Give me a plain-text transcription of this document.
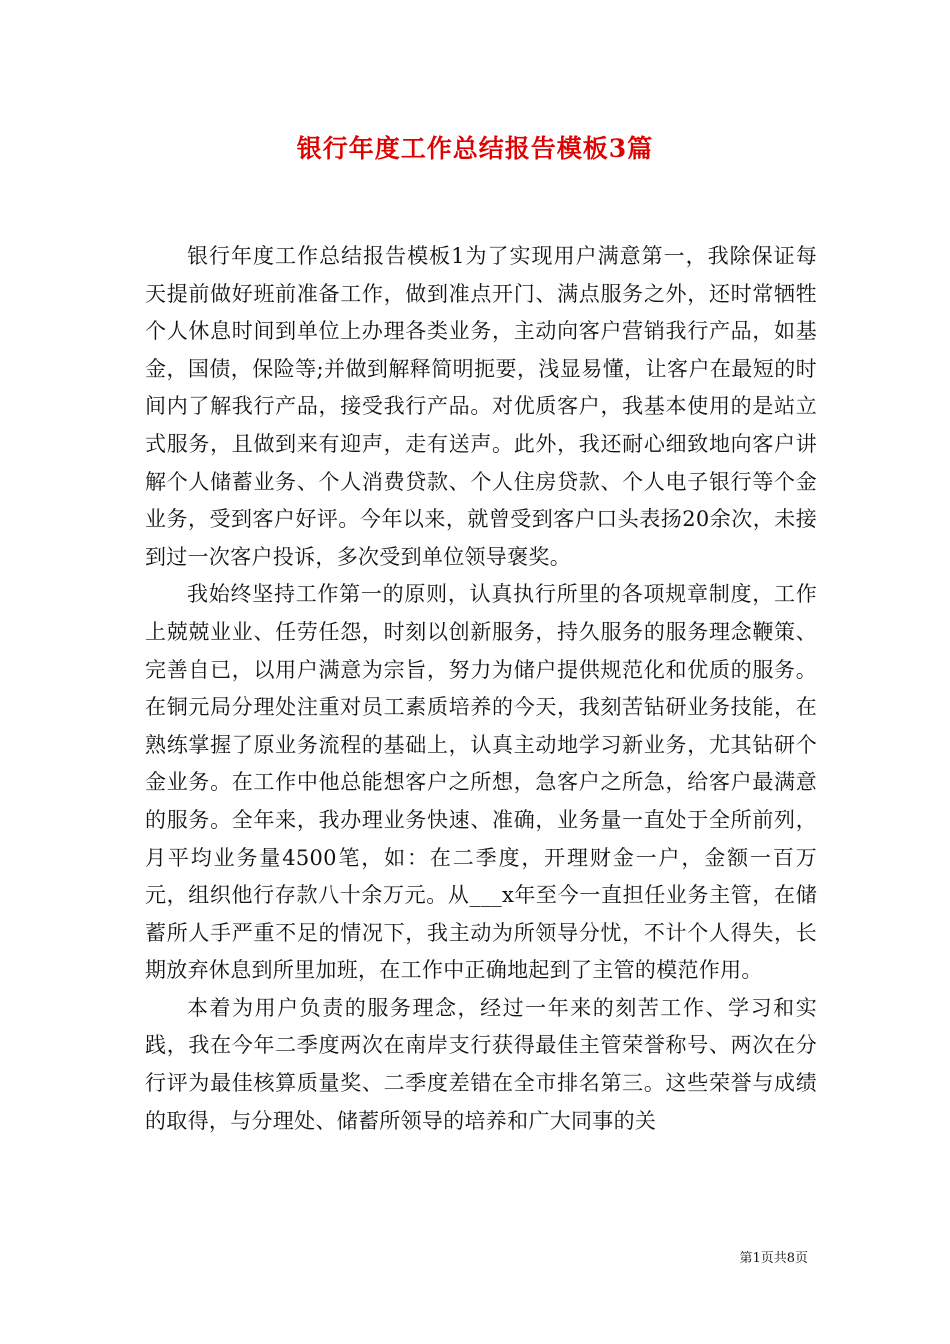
银行年度工作总结报告模板3篇

银行年度工作总结报告模板1为了实现用户满意第一，我除保证每天提前做好班前准备工作，做到准点开门、满点服务之外，还时常牺牲个人休息时间到单位上办理各类业务，主动向客户营销我行产品，如基金，国债，保险等;并做到解释简明扼要，浅显易懂，让客户在最短的时间内了解我行产品，接受我行产品。对优质客户，我基本使用的是站立式服务，且做到来有迎声，走有送声。此外，我还耐心细致地向客户讲解个人储蓄业务、个人消费贷款、个人住房贷款、个人电子银行等个金业务，受到客户好评。今年以来，就曾受到客户口头表扬20余次，未接到过一次客户投诉，多次受到单位领导褒奖。

我始终坚持工作第一的原则，认真执行所里的各项规章制度，工作上兢兢业业、任劳任怨，时刻以创新服务，持久服务的服务理念鞭策、完善自已，以用户满意为宗旨，努力为储户提供规范化和优质的服务。在铜元局分理处注重对员工素质培养的今天，我刻苦钻研业务技能，在熟练掌握了原业务流程的基础上，认真主动地学习新业务，尤其钻研个金业务。在工作中他总能想客户之所想，急客户之所急，给客户最满意的服务。全年来，我办理业务快速、准确，业务量一直处于全所前列，月平均业务量4500笔，如：在二季度，开理财金一户，金额一百万元，组织他行存款八十余万元。从___x年至今一直担任业务主管，在储蓄所人手严重不足的情况下，我主动为所领导分忧，不计个人得失，长期放弃休息到所里加班，在工作中正确地起到了主管的模范作用。

本着为用户负责的服务理念，经过一年来的刻苦工作、学习和实践，我在今年二季度两次在南岸支行获得最佳主管荣誉称号、两次在分行评为最佳核算质量奖、二季度差错在全市排名第三。这些荣誉与成绩的取得，与分理处、储蓄所领导的培养和广大同事的关

第1页共8页
